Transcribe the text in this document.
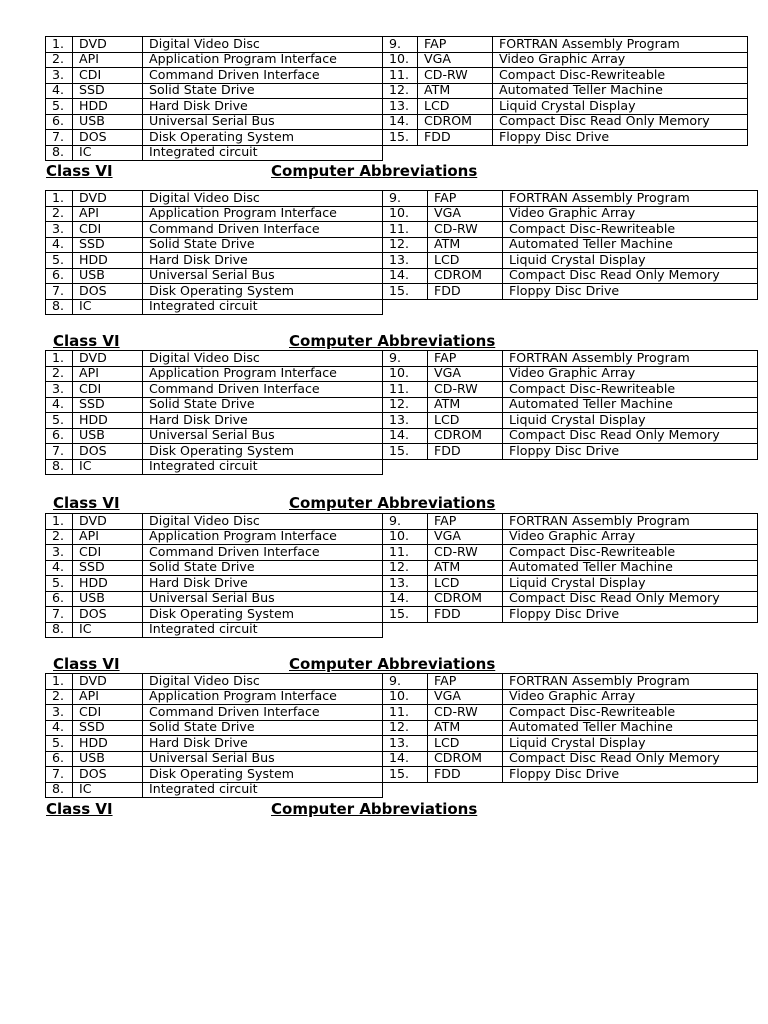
1.	DVD	Digital Video Disc	9.	FAP	FORTRAN Assembly Program
2.	API	Application Program Interface	10.	VGA	Video Graphic Array
3.	CDI	Command Driven Interface	11.	CD-RW	Compact Disc-Rewriteable
4.	SSD	Solid State Drive	12.	ATM	Automated Teller Machine
5.	HDD	Hard Disk Drive	13.	LCD	Liquid Crystal Display
6.	USB	Universal Serial Bus	14.	CDROM	Compact Disc Read Only Memory
7.	DOS	Disk Operating System	15.	FDD	Floppy Disc Drive
8.	IC	Integrated circuit			
Class VI	Computer Abbreviations
1.	DVD	Digital Video Disc	9.	FAP	FORTRAN Assembly Program
2.	API	Application Program Interface	10.	VGA	Video Graphic Array
3.	CDI	Command Driven Interface	11.	CD-RW	Compact Disc-Rewriteable
4.	SSD	Solid State Drive	12.	ATM	Automated Teller Machine
5.	HDD	Hard Disk Drive	13.	LCD	Liquid Crystal Display
6.	USB	Universal Serial Bus	14.	CDROM	Compact Disc Read Only Memory
7.	DOS	Disk Operating System	15.	FDD	Floppy Disc Drive
8.	IC	Integrated circuit			
Class VI	Computer Abbreviations
1.	DVD	Digital Video Disc	9.	FAP	FORTRAN Assembly Program
2.	API	Application Program Interface	10.	VGA	Video Graphic Array
3.	CDI	Command Driven Interface	11.	CD-RW	Compact Disc-Rewriteable
4.	SSD	Solid State Drive	12.	ATM	Automated Teller Machine
5.	HDD	Hard Disk Drive	13.	LCD	Liquid Crystal Display
6.	USB	Universal Serial Bus	14.	CDROM	Compact Disc Read Only Memory
7.	DOS	Disk Operating System	15.	FDD	Floppy Disc Drive
8.	IC	Integrated circuit			
Class VI	Computer Abbreviations
1.	DVD	Digital Video Disc	9.	FAP	FORTRAN Assembly Program
2.	API	Application Program Interface	10.	VGA	Video Graphic Array
3.	CDI	Command Driven Interface	11.	CD-RW	Compact Disc-Rewriteable
4.	SSD	Solid State Drive	12.	ATM	Automated Teller Machine
5.	HDD	Hard Disk Drive	13.	LCD	Liquid Crystal Display
6.	USB	Universal Serial Bus	14.	CDROM	Compact Disc Read Only Memory
7.	DOS	Disk Operating System	15.	FDD	Floppy Disc Drive
8.	IC	Integrated circuit			
Class VI	Computer Abbreviations
1.	DVD	Digital Video Disc	9.	FAP	FORTRAN Assembly Program
2.	API	Application Program Interface	10.	VGA	Video Graphic Array
3.	CDI	Command Driven Interface	11.	CD-RW	Compact Disc-Rewriteable
4.	SSD	Solid State Drive	12.	ATM	Automated Teller Machine
5.	HDD	Hard Disk Drive	13.	LCD	Liquid Crystal Display
6.	USB	Universal Serial Bus	14.	CDROM	Compact Disc Read Only Memory
7.	DOS	Disk Operating System	15.	FDD	Floppy Disc Drive
8.	IC	Integrated circuit			
Class VI	Computer Abbreviations
